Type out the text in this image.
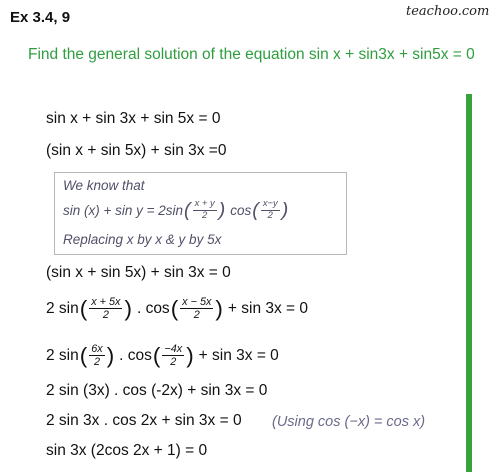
Ex 3.4, 9	teachoo.com
Find the general solution of the equation sin x + sin3x + sin5x = 0
sin x + sin 3x + sin 5x = 0
(sin x + sin 5x) + sin 3x =0
We know that
sin (x) + sin y = 2sin ( $\frac{x + y}{2}$ ) cos ( $\frac{x-y}{2}$ )
Replacing x by x & y by 5x
(sin x + sin 5x) + sin 3x = 0
2 sin ( $\frac{x + 5x}{2}$ ) . cos ( $\frac{x - 5x}{2}$ ) + sin 3x = 0
2 sin ( $\frac{6x}{2}$ ) . cos ( $\frac{-4x}{2}$ ) + sin 3x = 0
2 sin (3x) . cos (-2x) + sin 3x = 0
2 sin 3x . cos 2x + sin 3x = 0 (Using cos (−x) = cos x)
sin 3x (2cos 2x + 1) = 0
